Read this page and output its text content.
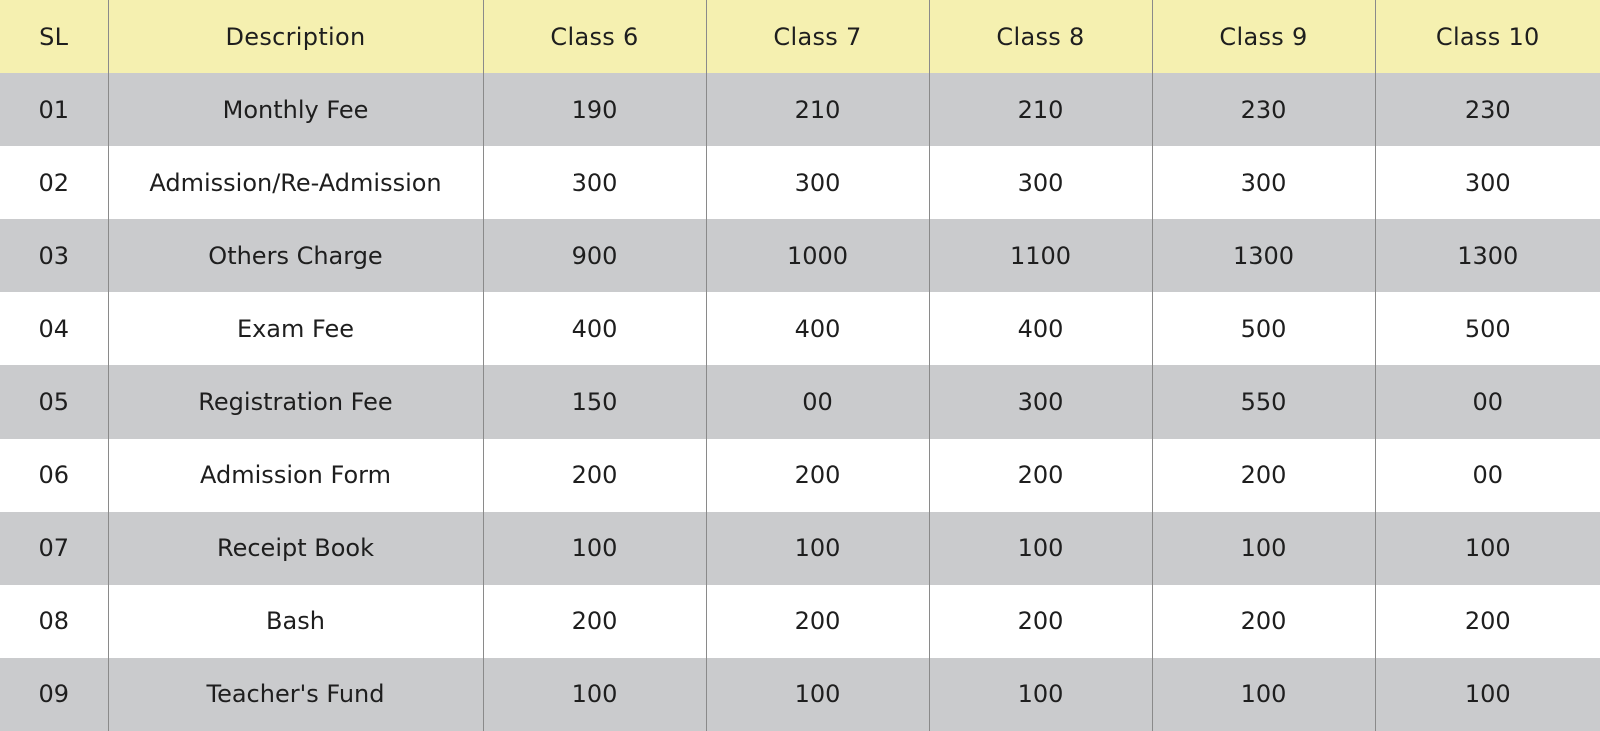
SL	Description	Class 6	Class 7	Class 8	Class 9	Class 10
01	Monthly Fee	190	210	210	230	230
02	Admission/Re-Admission	300	300	300	300	300
03	Others Charge	900	1000	1100	1300	1300
04	Exam Fee	400	400	400	500	500
05	Registration Fee	150	00	300	550	00
06	Admission Form	200	200	200	200	00
07	Receipt Book	100	100	100	100	100
08	Bash	200	200	200	200	200
09	Teacher's Fund	100	100	100	100	100
